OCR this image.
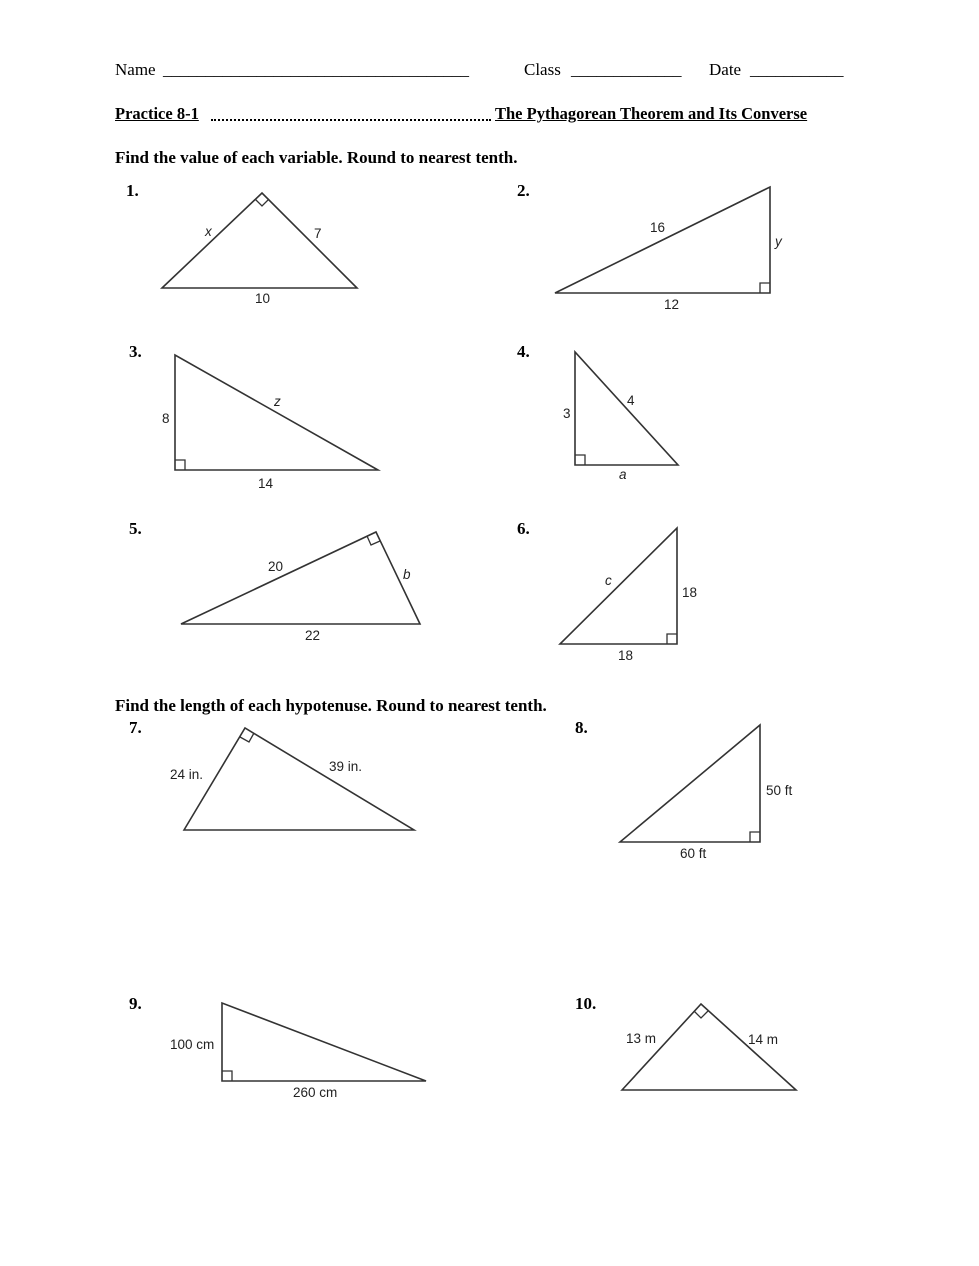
Name ____________________________________	Class _____________ Date ___________
Practice 8-1	The Pythagorean Theorem and Its Converse
Find the value of each variable. Round to nearest tenth.
Find the length of each hypotenuse. Round to nearest tenth.
1.	2.
3.	4.
5.	6.
7.	8.
9.	10.
x	7
10
16
y
12
8
z
14
3
4
a
20
b
22
c
18
18
24 in.
39 in.
50 ft
60 ft
100 cm
260 cm
13 m	14 m
